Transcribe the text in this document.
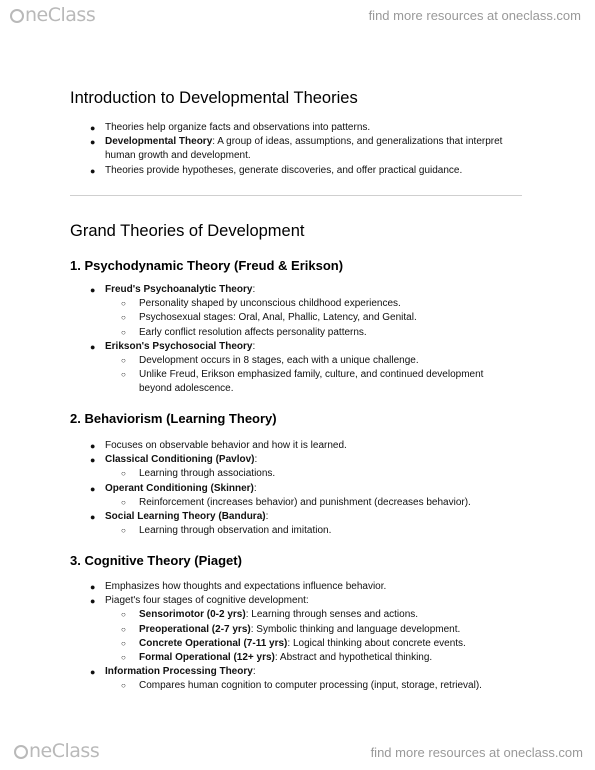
neClass	find more resources at oneclass.com
Introduction to Developmental Theories
● Theories help organize facts and observations into patterns.
● Developmental Theory: A group of ideas, assumptions, and generalizations that interpret human growth and development.
● Theories provide hypotheses, generate discoveries, and offer practical guidance.
Grand Theories of Development
1. Psychodynamic Theory (Freud & Erikson)
● Freud's Psychoanalytic Theory:
○ Personality shaped by unconscious childhood experiences.
○ Psychosexual stages: Oral, Anal, Phallic, Latency, and Genital.
○ Early conflict resolution affects personality patterns.
● Erikson's Psychosocial Theory:
○ Development occurs in 8 stages, each with a unique challenge.
○ Unlike Freud, Erikson emphasized family, culture, and continued development beyond adolescence.
2. Behaviorism (Learning Theory)
● Focuses on observable behavior and how it is learned.
● Classical Conditioning (Pavlov):
○ Learning through associations.
● Operant Conditioning (Skinner):
○ Reinforcement (increases behavior) and punishment (decreases behavior).
● Social Learning Theory (Bandura):
○ Learning through observation and imitation.
3. Cognitive Theory (Piaget)
● Emphasizes how thoughts and expectations influence behavior.
● Piaget's four stages of cognitive development:
○ Sensorimotor (0-2 yrs): Learning through senses and actions.
○ Preoperational (2-7 yrs): Symbolic thinking and language development.
○ Concrete Operational (7-11 yrs): Logical thinking about concrete events.
○ Formal Operational (12+ yrs): Abstract and hypothetical thinking.
● Information Processing Theory:
○ Compares human cognition to computer processing (input, storage, retrieval).
neClass	find more resources at oneclass.com
